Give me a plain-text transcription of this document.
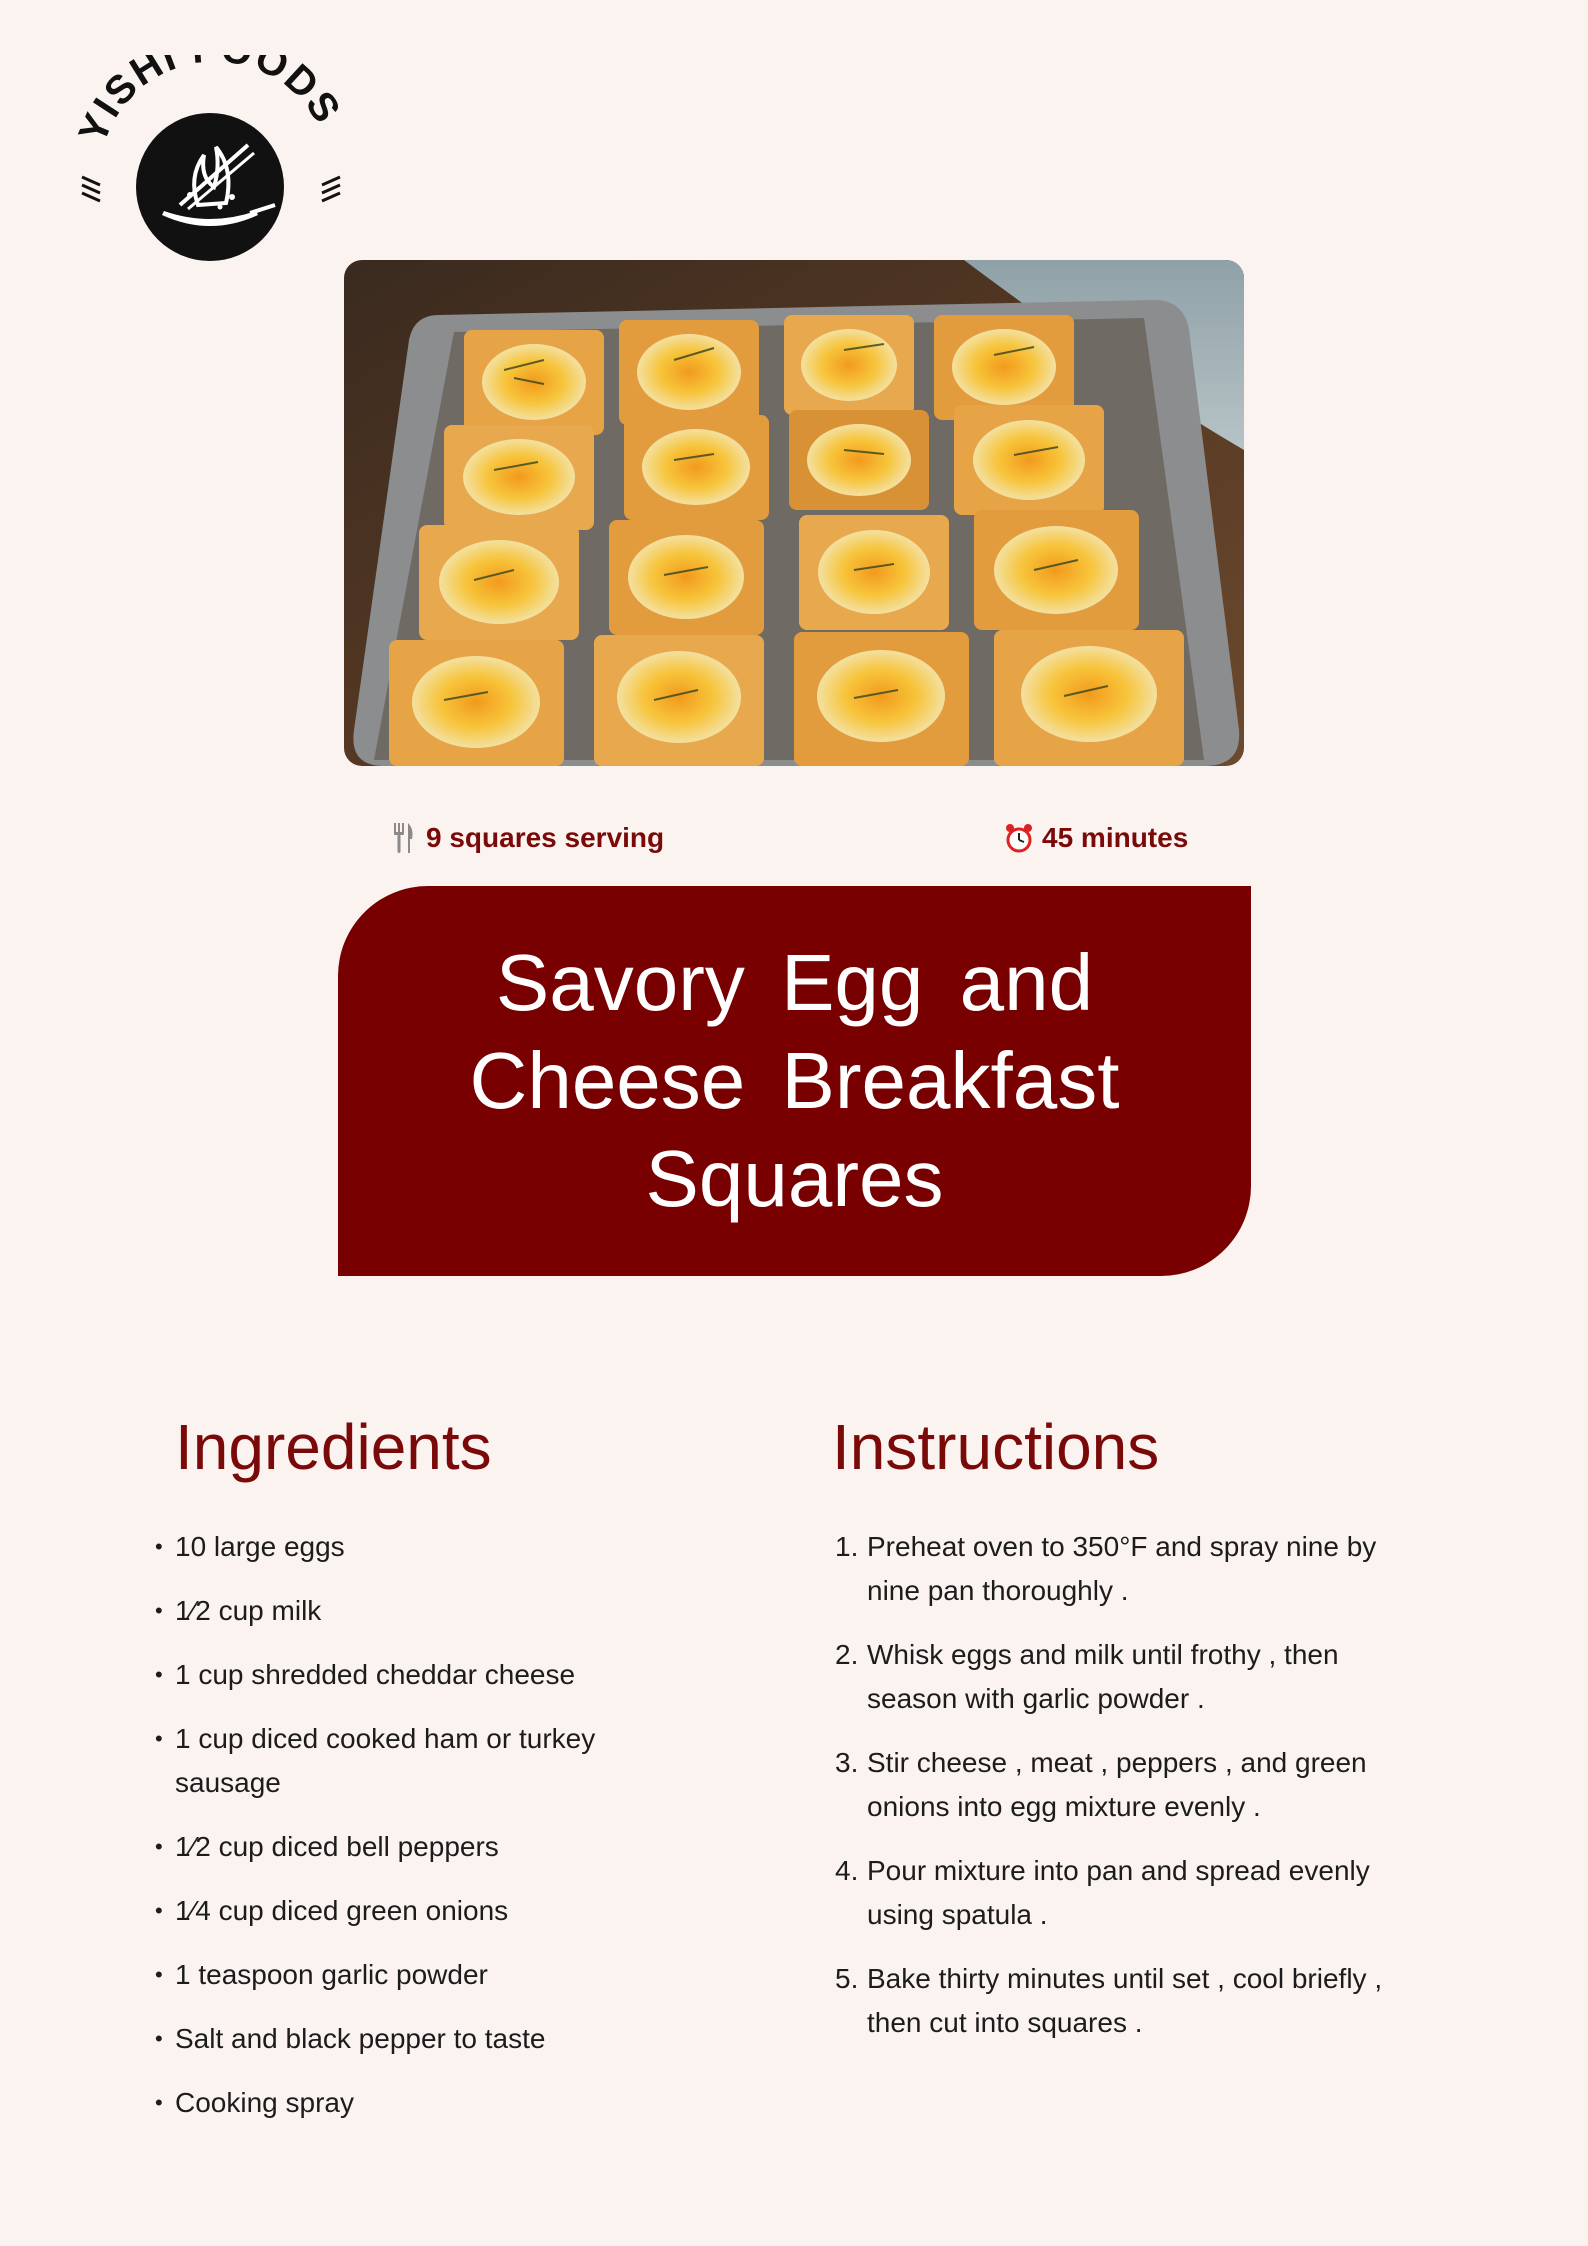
YISHI ODS
9 squares serving	45 minutes
Savory Egg and Cheese Breakfast Squares
Ingredients
• 10 large eggs
• 1⁄2 cup milk
• 1 cup shredded cheddar cheese
• 1 cup diced cooked ham or turkey sausage
• 1⁄2 cup diced bell peppers
• 1⁄4 cup diced green onions
• 1 teaspoon garlic powder
• Salt and black pepper to taste
• Cooking spray
Instructions
1. Preheat oven to 350°F and spray nine by nine pan thoroughly .
2. Whisk eggs and milk until frothy , then season with garlic powder .
3. Stir cheese , meat , peppers , and green onions into egg mixture evenly .
4. Pour mixture into pan and spread evenly using spatula .
5. Bake thirty minutes until set , cool briefly , then cut into squares .
